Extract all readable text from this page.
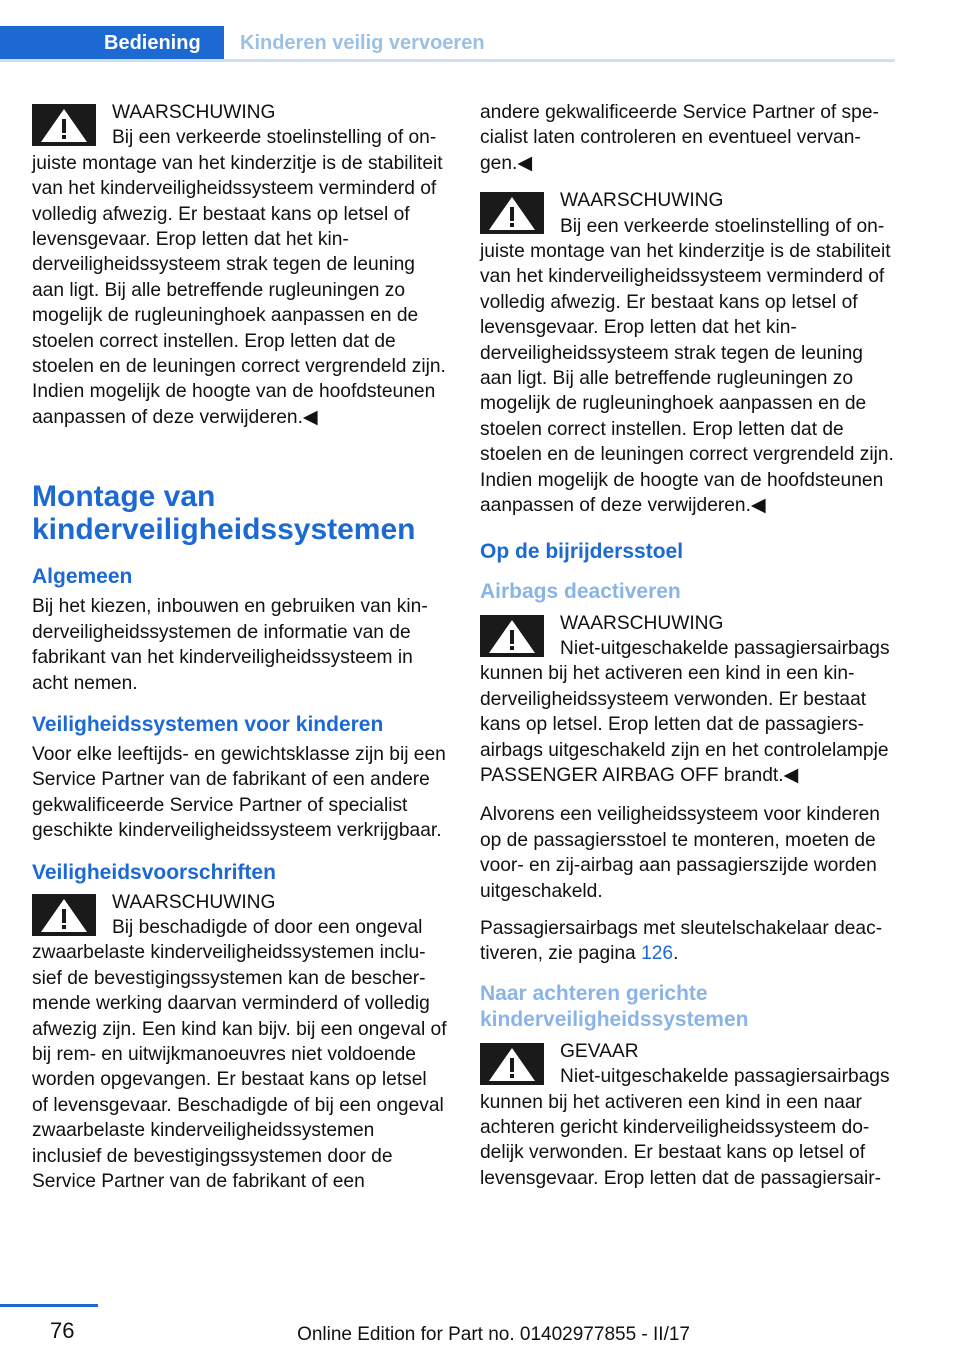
Bediening	Kinderen veilig vervoeren
WAARSCHUWING
Bij een verkeerde stoelinstelling of onjuiste montage van het kinderzitje is de stabiliteit van het kinderveiligheidssysteem verminderd of volledig afwezig. Er bestaat kans op letsel of levensgevaar. Erop letten dat het kinderveiligheidssysteem strak tegen de leuning aan ligt. Bij alle betreffende rugleuningen zo mogelijk de rugleuninghoek aanpassen en de stoelen correct instellen. Erop letten dat de stoelen en de leuningen correct vergrendeld zijn. Indien mogelijk de hoogte van de hoofdsteunen aanpassen of deze verwijderen.◀
Montage van kinderveiligheidssystemen
Algemeen

Bij het kiezen, inbouwen en gebruiken van kinderveiligheidssystemen de informatie van de fabrikant van het kinderveiligheidssysteem in acht nemen.

Veiligheidssystemen voor kinderen

Voor elke leeftijds- en gewichtsklasse zijn bij een Service Partner van de fabrikant of een andere gekwalificeerde Service Partner of specialist geschikte kinderveiligheidssysteem verkrijgbaar.

Veiligheidsvoorschriften
WAARSCHUWING
Bij beschadigde of door een ongeval zwaarbelaste kinderveiligheidssystemen inclusief de bevestigingssystemen kan de beschermende werking daarvan verminderd of volledig afwezig zijn. Een kind kan bijv. bij een ongeval of bij rem- en uitwijkmanoeuvres niet voldoende worden opgevangen. Er bestaat kans op letsel of levensgevaar. Beschadigde of bij een ongeval zwaarbelaste kinderveiligheidssystemen inclusief de bevestigingssystemen door de Service Partner van de fabrikant of een

andere gekwalificeerde Service Partner of specialist laten controleren en eventueel vervangen.◀

WAARSCHUWING
Bij een verkeerde stoelinstelling of onjuiste montage van het kinderzitje is de stabiliteit van het kinderveiligheidssysteem verminderd of volledig afwezig. Er bestaat kans op letsel of levensgevaar. Erop letten dat het kinderveiligheidssysteem strak tegen de leuning aan ligt. Bij alle betreffende rugleuningen zo mogelijk de rugleuninghoek aanpassen en de stoelen correct instellen. Erop letten dat de stoelen en de leuningen correct vergrendeld zijn. Indien mogelijk de hoogte van de hoofdsteunen aanpassen of deze verwijderen.◀
Op de bijrijdersstoel
Airbags deactiveren
WAARSCHUWING
Niet-uitgeschakelde passagiersairbags kunnen bij het activeren een kind in een kinderveiligheidssysteem verwonden. Er bestaat kans op letsel. Erop letten dat de passagiersairbags uitgeschakeld zijn en het controlelampje PASSENGER AIRBAG OFF brandt.◀

Alvorens een veiligheidssysteem voor kinderen op de passagiersstoel te monteren, moeten de voor- en zij-airbag aan passagierszijde worden uitgeschakeld.

Passagiersairbags met sleutelschakelaar deactiveren, zie pagina 126.

Naar achteren gerichte kinderveiligheidssystemen
GEVAAR
Niet-uitgeschakelde passagiersairbags kunnen bij het activeren een kind in een naar achteren gericht kinderveiligheidssysteem dodelijk verwonden. Er bestaat kans op letsel of levensgevaar. Erop letten dat de passagiersair-
76	Online Edition for Part no. 01402977855 - II/17
